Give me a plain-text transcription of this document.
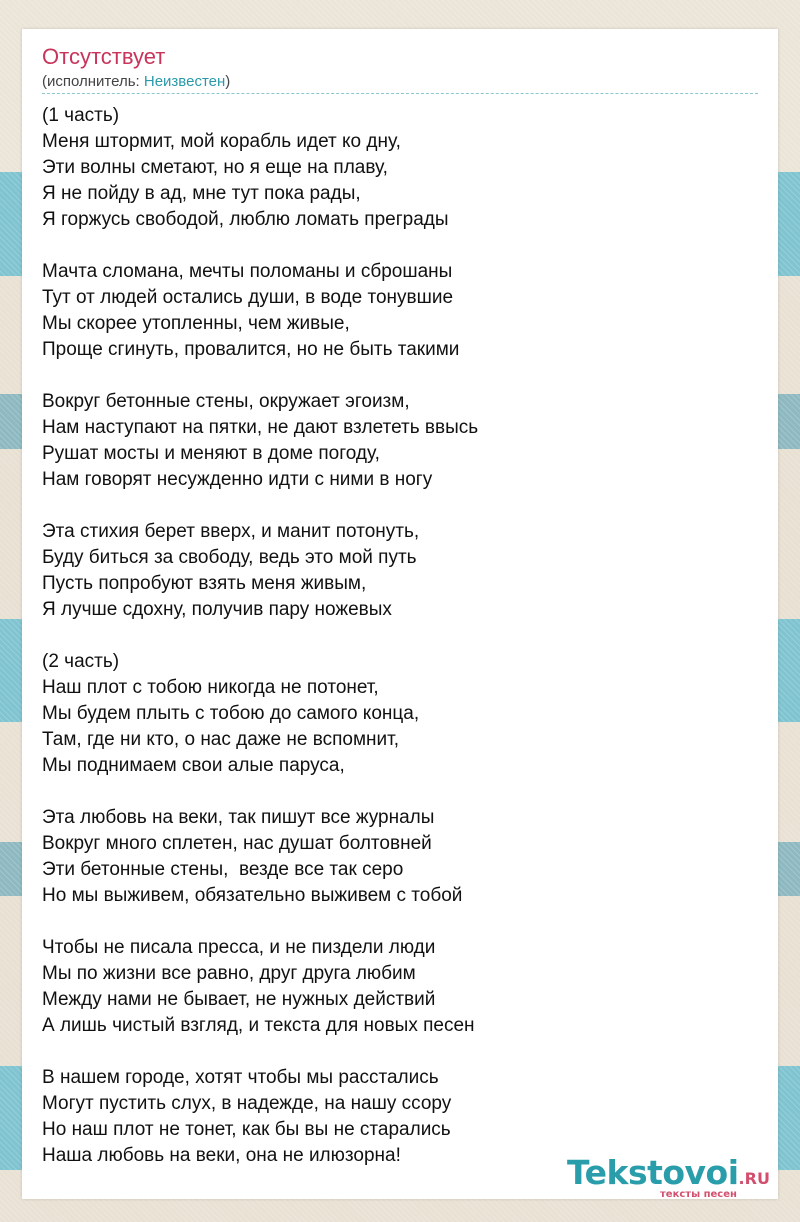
Отсутствует
(исполнитель: Неизвестен)
(1 часть)
Меня штормит, мой корабль идет ко дну,
Эти волны сметают, но я еще на плаву,
Я не пойду в ад, мне тут пока рады,
Я горжусь свободой, люблю ломать преграды

Мачта сломана, мечты поломаны и сброшаны
Тут от людей остались души, в воде тонувшие
Мы скорее утопленны, чем живые,
Проще сгинуть, провалится, но не быть такими

Вокруг бетонные стены, окружает эгоизм,
Нам наступают на пятки, не дают взлететь ввысь
Рушат мосты и меняют в доме погоду,
Нам говорят несужденно идти с ними в ногу

Эта стихия берет вверх, и манит потонуть,
Буду биться за свободу, ведь это мой путь
Пусть попробуют взять меня живым,
Я лучше сдохну, получив пару ножевых

(2 часть)
Наш плот с тобою никогда не потонет,
Мы будем плыть с тобою до самого конца,
Там, где ни кто, о нас даже не вспомнит,
Мы поднимаем свои алые паруса,

Эта любовь на веки, так пишут все журналы
Вокруг много сплетен, нас душат болтовней
Эти бетонные стены,  везде все так серо
Но мы выживем, обязательно выживем с тобой

Чтобы не писала пресса, и не пиздели люди
Мы по жизни все равно, друг друга любим
Между нами не бывает, не нужных действий
А лишь чистый взгляд, и текста для новых песен

В нашем городе, хотят чтобы мы расстались
Могут пустить слух, в надежде, на нашу ссору
Но наш плот не тонет, как бы вы не старались
Наша любовь на веки, она не илюзорна!	Tekstovoi.RU
тексты песен
